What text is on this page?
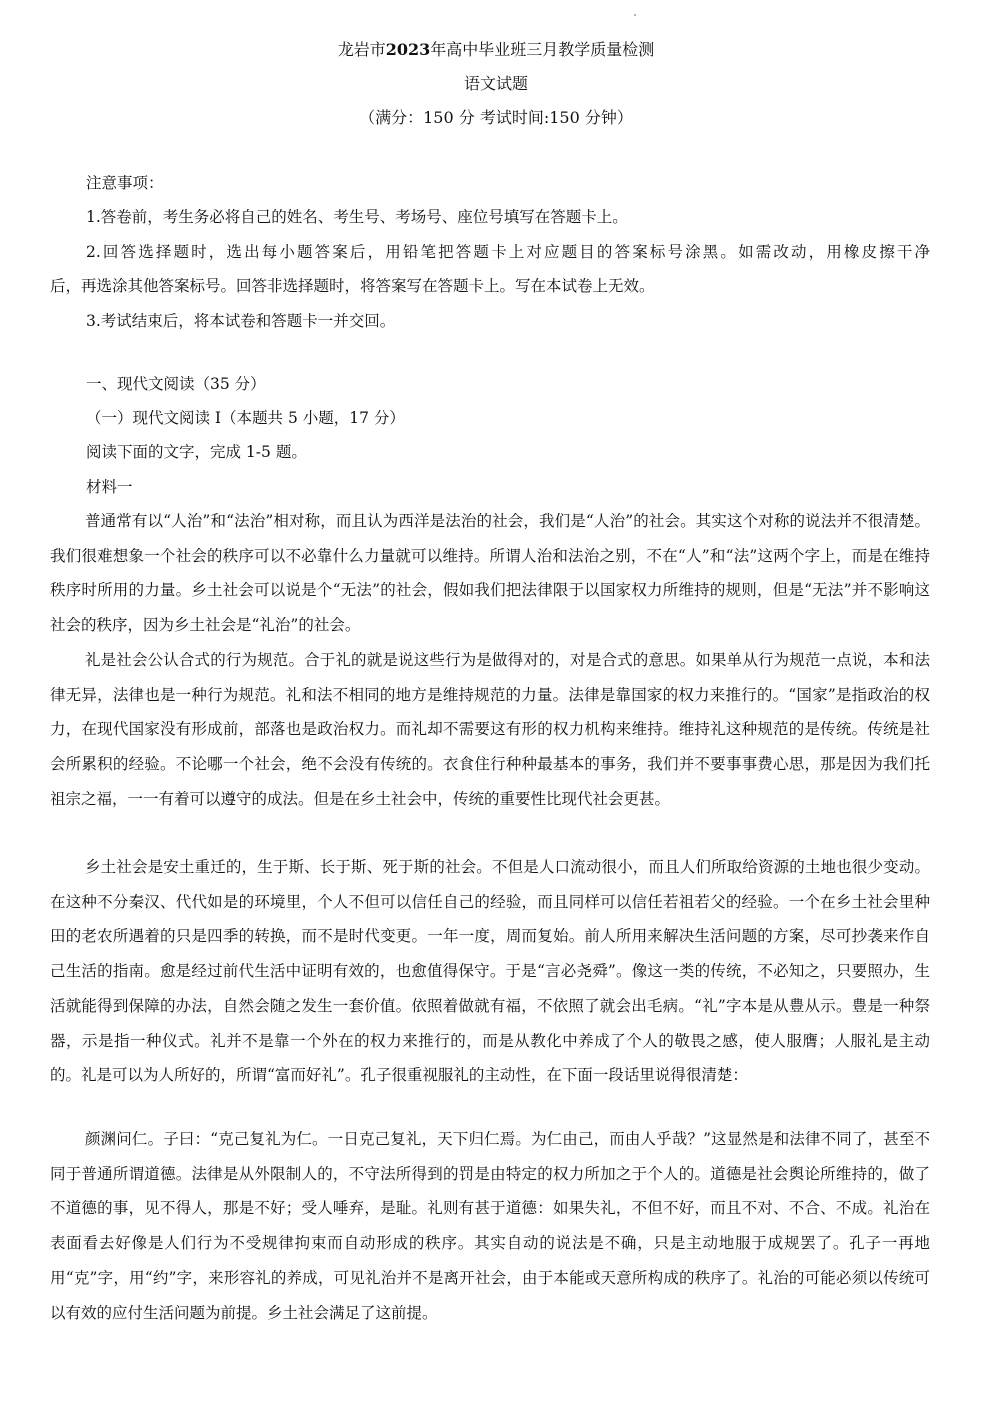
龙岩市2023年高中毕业班三月教学质量检测
语文试题
（满分：150 分 考试时间:150 分钟）
注意事项：
1.答卷前，考生务必将自己的姓名、考生号、考场号、座位号填写在答题卡上。
2.回答选择题时，选出每小题答案后，用铅笔把答题卡上对应题目的答案标号涂黑。如需改动，用橡皮擦干净
后，再选涂其他答案标号。回答非选择题时，将答案写在答题卡上。写在本试卷上无效。
3.考试结束后，将本试卷和答题卡一并交回。
一、现代文阅读（35 分）
（一）现代文阅读 I（本题共 5 小题，17 分）
阅读下面的文字，完成 1-5 题。
材料一
普通常有以“人治”和“法治”相对称，而且认为西洋是法治的社会，我们是“人治”的社会。其实这个对称的说法并不很清楚。我们很难想象一个社会的秩序可以不必靠什么力量就可以维持。所谓人治和法治之别，不在“人”和“法”这两个字上，而是在维持秩序时所用的力量。乡土社会可以说是个“无法”的社会，假如我们把法律限于以国家权力所维持的规则，但是“无法”并不影响这社会的秩序，因为乡土社会是“礼治”的社会。
礼是社会公认合式的行为规范。合于礼的就是说这些行为是做得对的，对是合式的意思。如果单从行为规范一点说，本和法律无异，法律也是一种行为规范。礼和法不相同的地方是维持规范的力量。法律是靠国家的权力来推行的。“国家”是指政治的权力，在现代国家没有形成前，部落也是政治权力。而礼却不需要这有形的权力机构来维持。维持礼这种规范的是传统。传统是社会所累积的经验。不论哪一个社会，绝不会没有传统的。衣食住行种种最基本的事务，我们并不要事事费心思，那是因为我们托祖宗之福，一一有着可以遵守的成法。但是在乡土社会中，传统的重要性比现代社会更甚。
乡土社会是安土重迁的，生于斯、长于斯、死于斯的社会。不但是人口流动很小，而且人们所取给资源的土地也很少变动。在这种不分秦汉、代代如是的环境里，个人不但可以信任自己的经验，而且同样可以信任若祖若父的经验。一个在乡土社会里种田的老农所遇着的只是四季的转换，而不是时代变更。一年一度，周而复始。前人所用来解决生活问题的方案，尽可抄袭来作自己生活的指南。愈是经过前代生活中证明有效的，也愈值得保守。于是“言必尧舜”。像这一类的传统，不必知之，只要照办，生活就能得到保障的办法，自然会随之发生一套价值。依照着做就有福，不依照了就会出毛病。“礼”字本是从豊从示。豊是一种祭器，示是指一种仪式。礼并不是靠一个外在的权力来推行的，而是从教化中养成了个人的敬畏之感，使人服膺；人服礼是主动的。礼是可以为人所好的，所谓“富而好礼”。孔子很重视服礼的主动性，在下面一段话里说得很清楚：
颜渊问仁。子曰：“克己复礼为仁。一日克己复礼，天下归仁焉。为仁由己，而由人乎哉？”这显然是和法律不同了，甚至不同于普通所谓道德。法律是从外限制人的，不守法所得到的罚是由特定的权力所加之于个人的。道德是社会舆论所维持的，做了不道德的事，见不得人，那是不好；受人唾弃，是耻。礼则有甚于道德：如果失礼，不但不好，而且不对、不合、不成。礼治在表面看去好像是人们行为不受规律拘束而自动形成的秩序。其实自动的说法是不确，只是主动地服于成规罢了。孔子一再地用“克”字，用“约”字，来形容礼的养成，可见礼治并不是离开社会，由于本能或天意所构成的秩序了。礼治的可能必须以传统可以有效的应付生活问题为前提。乡土社会满足了这前提。
